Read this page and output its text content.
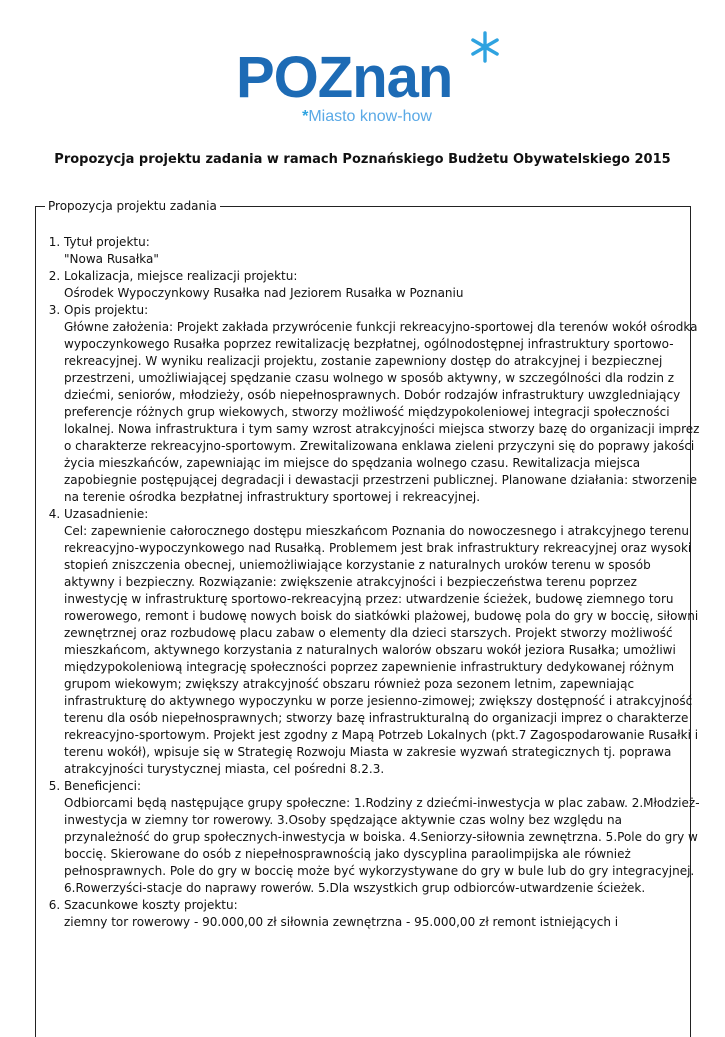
POZnan
*Miasto know-how
Propozycja projektu zadania w ramach Poznańskiego Budżetu Obywatelskiego 2015
Propozycja projektu zadania
1. Tytuł projektu:
"Nowa Rusałka"
2. Lokalizacja, miejsce realizacji projektu:
Ośrodek Wypoczynkowy Rusałka nad Jeziorem Rusałka w Poznaniu
3. Opis projektu:
Główne założenia: Projekt zakłada przywrócenie funkcji rekreacyjno-sportowej dla terenów wokół ośrodka wypoczynkowego Rusałka poprzez rewitalizację bezpłatnej, ogólnodostępnej infrastruktury sportowo-rekreacyjnej. W wyniku realizacji projektu, zostanie zapewniony dostęp do atrakcyjnej i bezpiecznej przestrzeni, umożliwiającej spędzanie czasu wolnego w sposób aktywny, w szczególności dla rodzin z dziećmi, seniorów, młodzieży, osób niepełnosprawnych. Dobór rodzajów infrastruktury uwzgledniający preferencje różnych grup wiekowych, stworzy możliwość międzypokoleniowej integracji społeczności lokalnej. Nowa infrastruktura i tym samy wzrost atrakcyjności miejsca stworzy bazę do organizacji imprez o charakterze rekreacyjno-sportowym. Zrewitalizowana enklawa zieleni przyczyni się do poprawy jakości życia mieszkańców, zapewniając im miejsce do spędzania wolnego czasu. Rewitalizacja miejsca zapobiegnie postępującej degradacji i dewastacji przestrzeni publicznej. Planowane działania: stworzenie na terenie ośrodka bezpłatnej infrastruktury sportowej i rekreacyjnej.
4. Uzasadnienie:
Cel: zapewnienie całorocznego dostępu mieszkańcom Poznania do nowoczesnego i atrakcyjnego terenu rekreacyjno-wypoczynkowego nad Rusałką. Problemem jest brak infrastruktury rekreacyjnej oraz wysoki stopień zniszczenia obecnej, uniemożliwiające korzystanie z naturalnych uroków terenu w sposób aktywny i bezpieczny. Rozwiązanie: zwiększenie atrakcyjności i bezpieczeństwa terenu poprzez inwestycję w infrastrukturę sportowo-rekreacyjną przez: utwardzenie ścieżek, budowę ziemnego toru rowerowego, remont i budowę nowych boisk do siatkówki plażowej, budowę pola do gry w boccię, siłowni zewnętrznej oraz rozbudowę placu zabaw o elementy dla dzieci starszych. Projekt stworzy możliwość mieszkańcom, aktywnego korzystania z naturalnych walorów obszaru wokół jeziora Rusałka; umożliwi międzypokoleniową integrację społeczności poprzez zapewnienie infrastruktury dedykowanej różnym grupom wiekowym; zwiększy atrakcyjność obszaru również poza sezonem letnim, zapewniając infrastrukturę do aktywnego wypoczynku w porze jesienno-zimowej; zwiększy dostępność i atrakcyjność terenu dla osób niepełnosprawnych; stworzy bazę infrastrukturalną do organizacji imprez o charakterze rekreacyjno-sportowym. Projekt jest zgodny z Mapą Potrzeb Lokalnych (pkt.7 Zagospodarowanie Rusałki i terenu wokół), wpisuje się w Strategię Rozwoju Miasta w zakresie wyzwań strategicznych tj. poprawa atrakcyjności turystycznej miasta, cel pośredni 8.2.3.
5. Beneficjenci:
Odbiorcami będą następujące grupy społeczne: 1.Rodziny z dziećmi-inwestycja w plac zabaw. 2.Młodzież-inwestycja w ziemny tor rowerowy. 3.Osoby spędzające aktywnie czas wolny bez względu na przynależność do grup społecznych-inwestycja w boiska. 4.Seniorzy-siłownia zewnętrzna. 5.Pole do gry w boccię. Skierowane do osób z niepełnosprawnością jako dyscyplina paraolimpijska ale również pełnosprawnych. Pole do gry w boccię może być wykorzystywane do gry w bule lub do gry integracyjnej. 6.Rowerzyści-stacje do naprawy rowerów. 5.Dla wszystkich grup odbiorców-utwardzenie ścieżek.
6. Szacunkowe koszty projektu:
ziemny tor rowerowy - 90.000,00 zł siłownia zewnętrzna - 95.000,00 zł remont istniejących i
